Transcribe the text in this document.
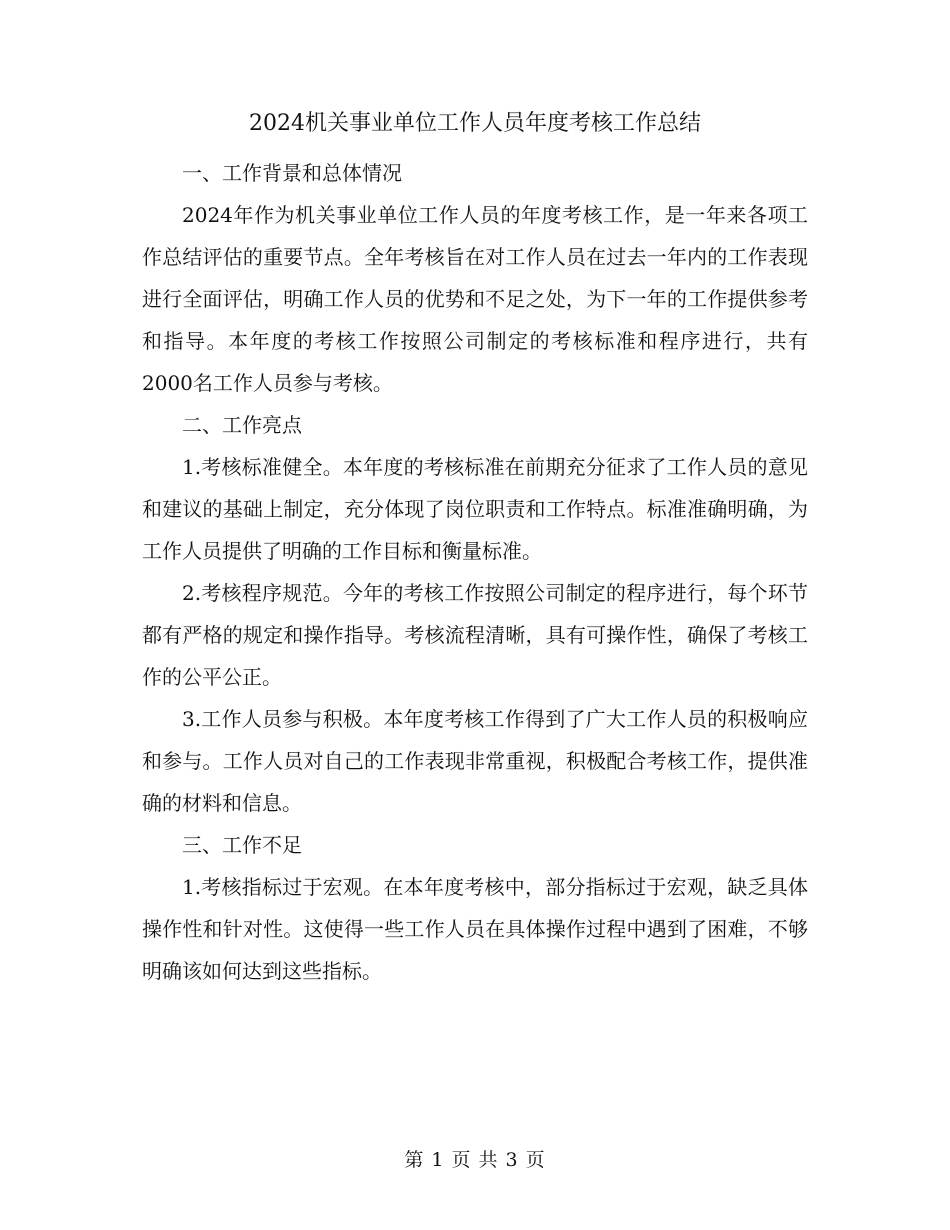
2024机关事业单位工作人员年度考核工作总结

一、工作背景和总体情况

2024年作为机关事业单位工作人员的年度考核工作，是一年来各项工作总结评估的重要节点。全年考核旨在对工作人员在过去一年内的工作表现进行全面评估，明确工作人员的优势和不足之处，为下一年的工作提供参考和指导。本年度的考核工作按照公司制定的考核标准和程序进行，共有2000名工作人员参与考核。

二、工作亮点

1.考核标准健全。本年度的考核标准在前期充分征求了工作人员的意见和建议的基础上制定，充分体现了岗位职责和工作特点。标准准确明确，为工作人员提供了明确的工作目标和衡量标准。

2.考核程序规范。今年的考核工作按照公司制定的程序进行，每个环节都有严格的规定和操作指导。考核流程清晰，具有可操作性，确保了考核工作的公平公正。

3.工作人员参与积极。本年度考核工作得到了广大工作人员的积极响应和参与。工作人员对自己的工作表现非常重视，积极配合考核工作，提供准确的材料和信息。

三、工作不足

1.考核指标过于宏观。在本年度考核中，部分指标过于宏观，缺乏具体操作性和针对性。这使得一些工作人员在具体操作过程中遇到了困难，不够明确该如何达到这些指标。

第 1 页 共 3 页
